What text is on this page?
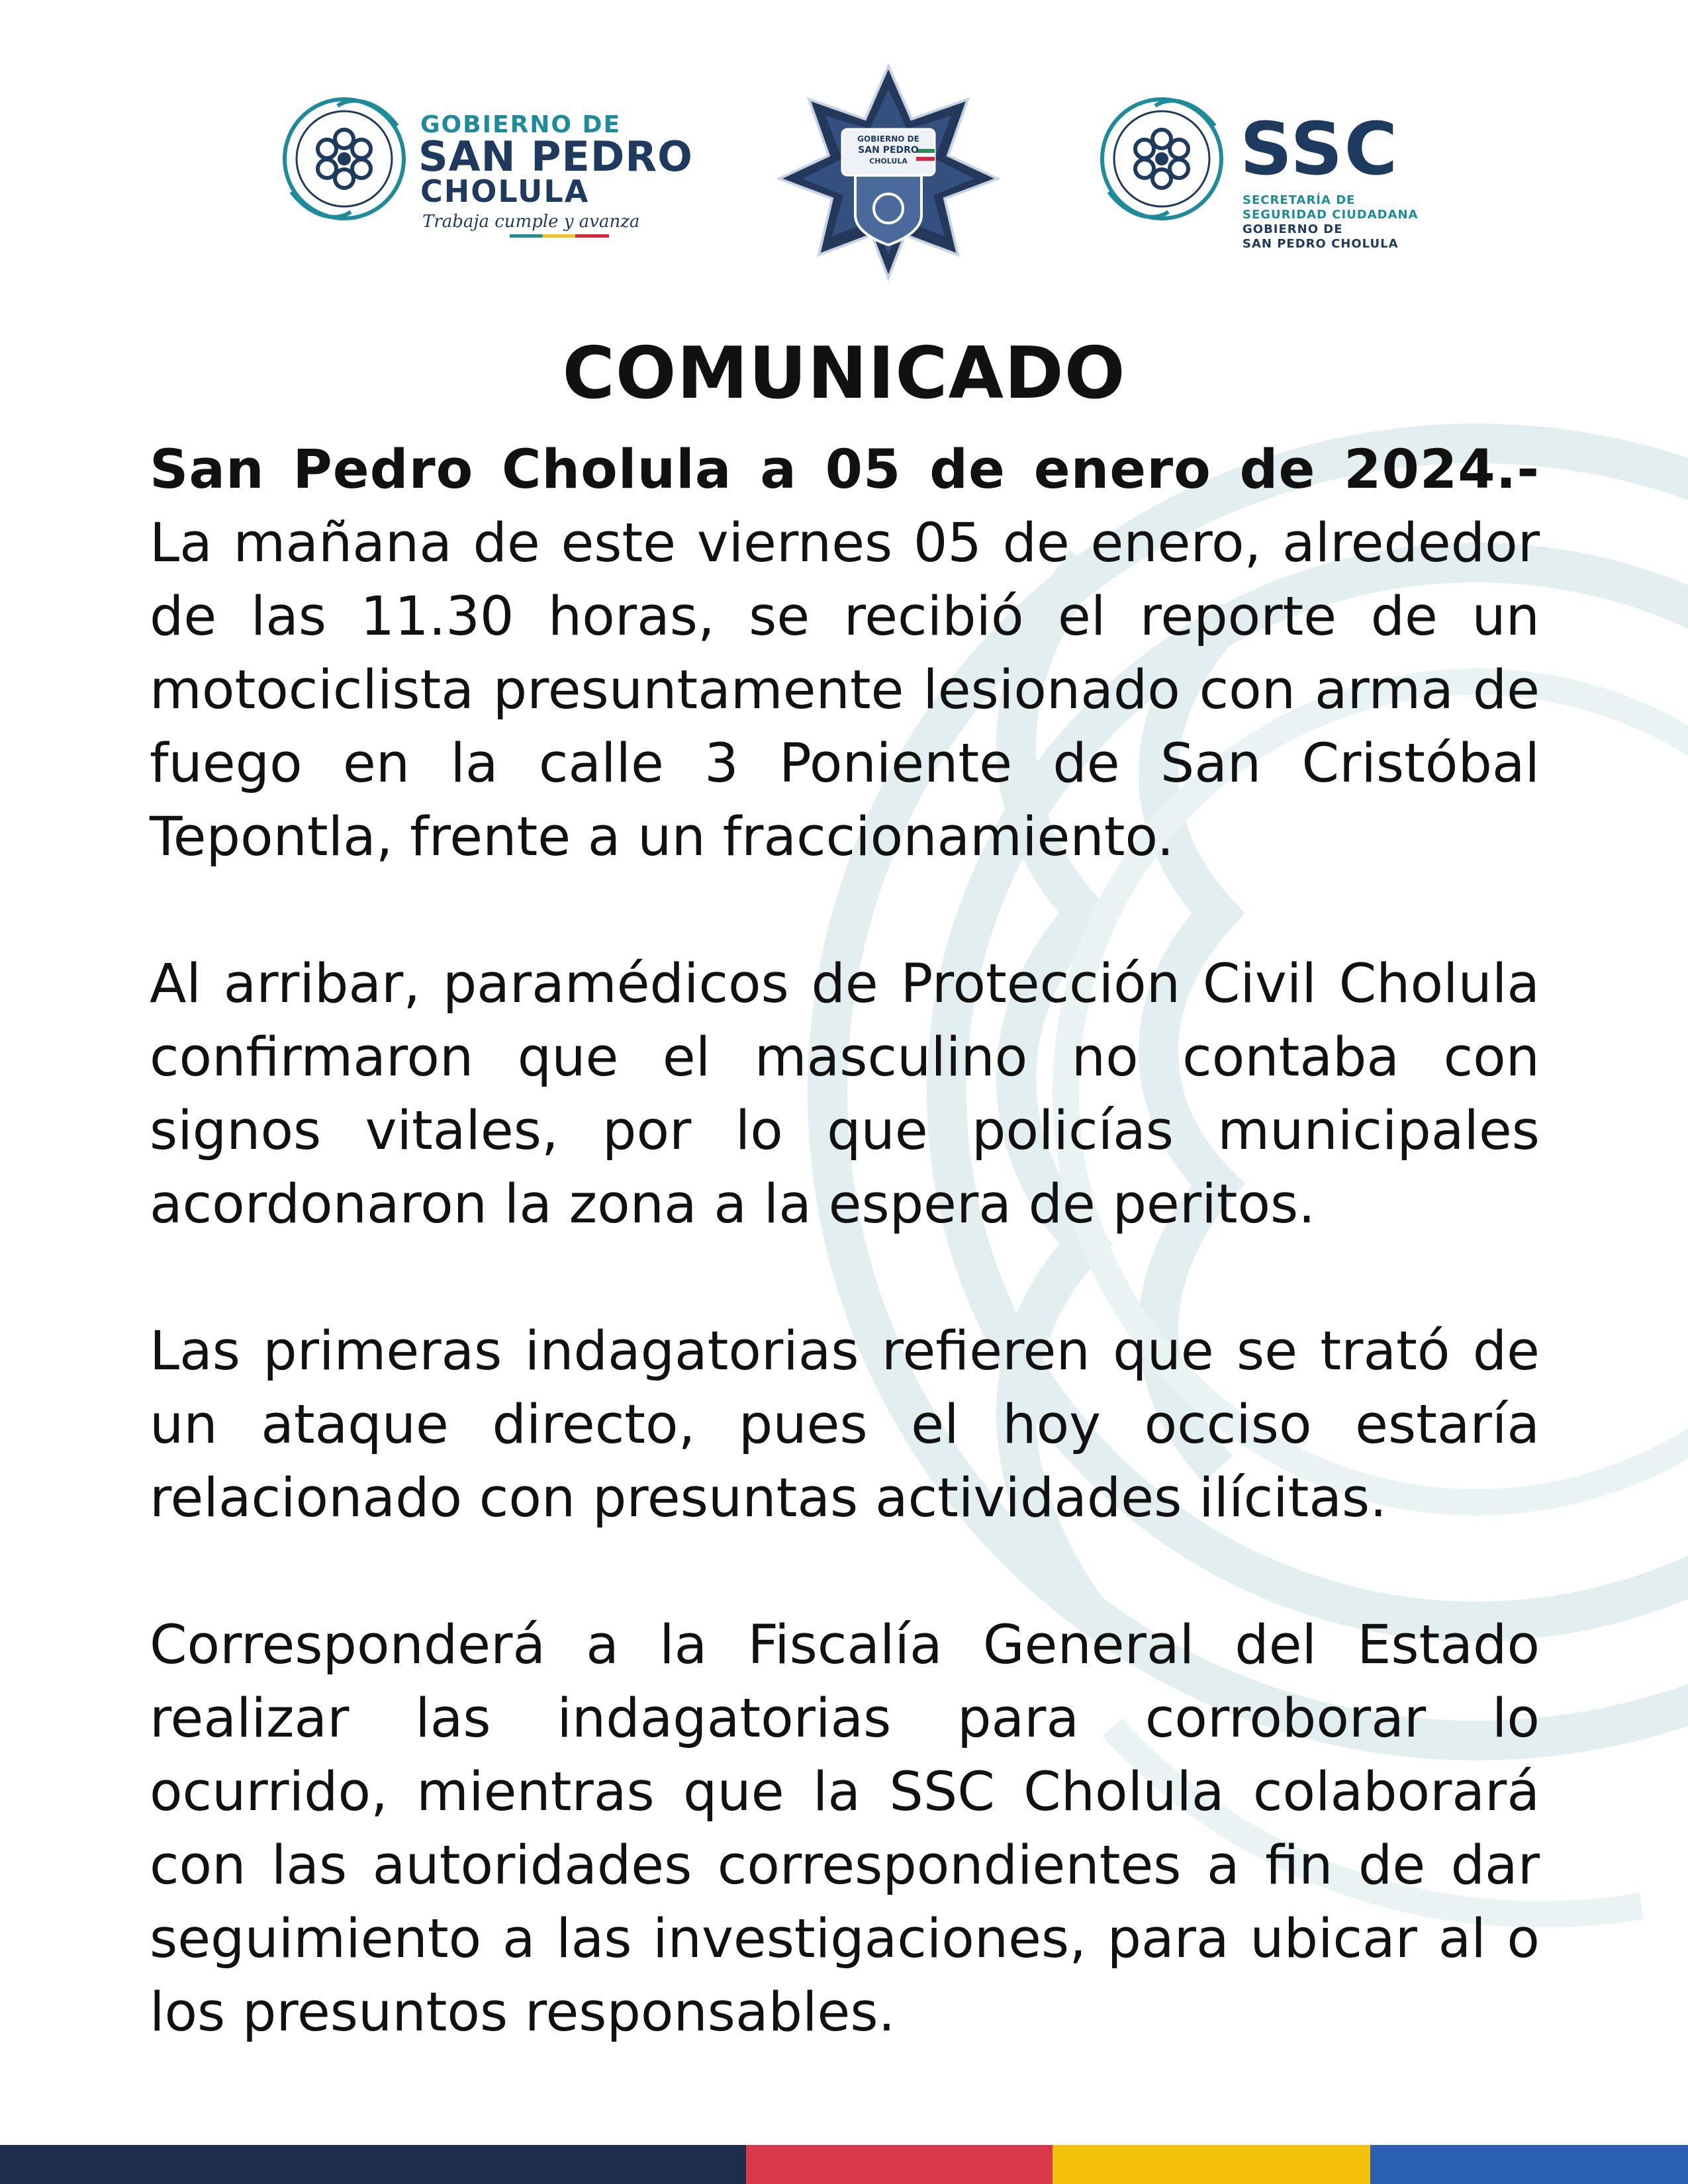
GOBIERNO DE
SAN PEDRO
CHOLULA
Trabaja cumple y avanza
GOBIERNO DE
SAN PEDRO
CHOLULA	SSC
SECRETARÍA DE
SEGURIDAD CIUDADANA
GOBIERNO DE
SAN PEDRO CHOLULA
COMUNICADO

San Pedro Cholula a 05 de enero de 2024.- La mañana de este viernes 05 de enero, alrededor de las 11.30 horas, se recibió el reporte de un motociclista presuntamente lesionado con arma de fuego en la calle 3 Poniente de San Cristóbal Tepontla, frente a un fraccionamiento.

Al arribar, paramédicos de Protección Civil Cholula confirmaron que el masculino no contaba con signos vitales, por lo que policías municipales acordonaron la zona a la espera de peritos.

Las primeras indagatorias refieren que se trató de un ataque directo, pues el hoy occiso estaría relacionado con presuntas actividades ilícitas.

Corresponderá a la Fiscalía General del Estado realizar las indagatorias para corroborar lo ocurrido, mientras que la SSC Cholula colaborará con las autoridades correspondientes a fin de dar seguimiento a las investigaciones, para ubicar al o los presuntos responsables.
